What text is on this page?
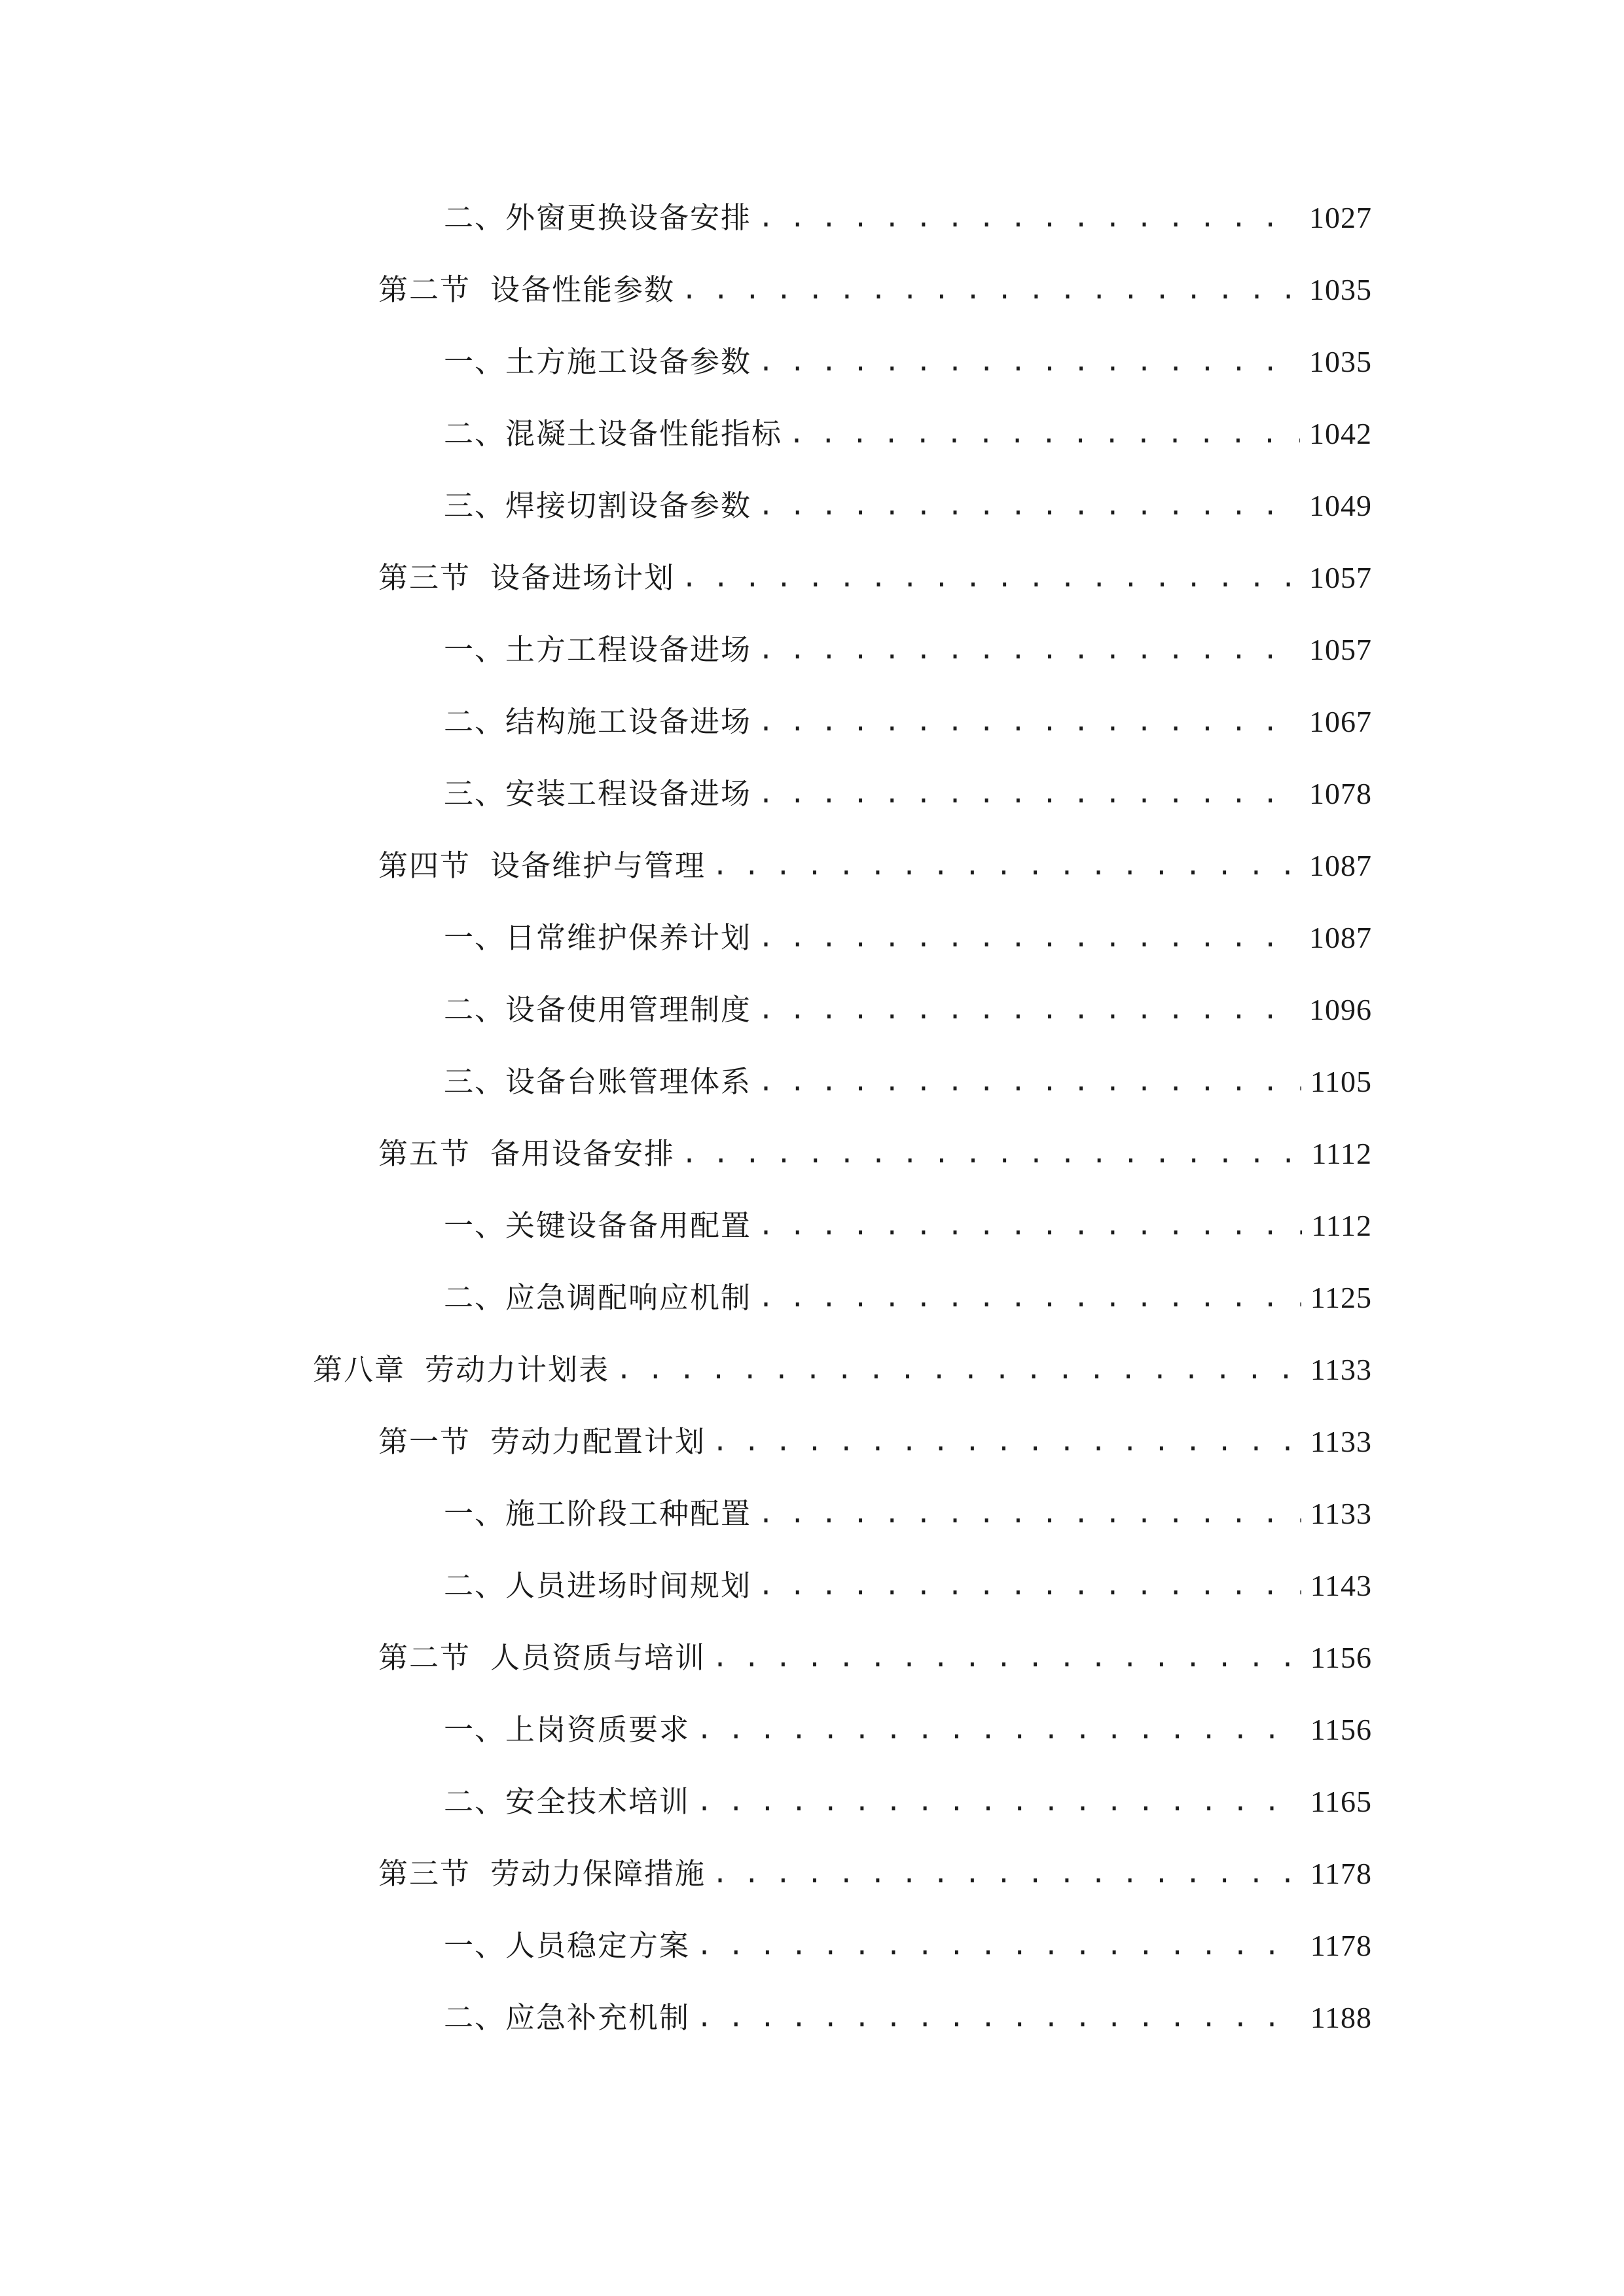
二、 外窗更换设备安排 . . .	1027
第二节 设备性能参数 . . .	1035
一、 土方施工设备参数 . . .	1035
二、 混凝土设备性能指标 . . .	1042
三、 焊接切割设备参数 . . .	1049
第三节 设备进场计划 . . .	1057
一、 土方工程设备进场 . . .	1057
二、 结构施工设备进场 . . .	1067
三、 安装工程设备进场 . . .	1078
第四节 设备维护与管理 . . .	1087
一、 日常维护保养计划 . . .	1087
二、 设备使用管理制度 . . .	1096
三、 设备台账管理体系 . . .	1105
第五节 备用设备安排 . . .	1112
一、 关键设备备用配置 . . .	1112
二、 应急调配响应机制 . . .	1125
第八章 劳动力计划表 . . .	1133
第一节 劳动力配置计划 . . .	1133
一、 施工阶段工种配置 . . .	1133
二、 人员进场时间规划 . . .	1143
第二节 人员资质与培训 . . .	1156
一、 上岗资质要求 . . .	1156
二、 安全技术培训 . . .	1165
第三节 劳动力保障措施 . . .	1178
一、 人员稳定方案 . . .	1178
二、 应急补充机制 . . .	1188
